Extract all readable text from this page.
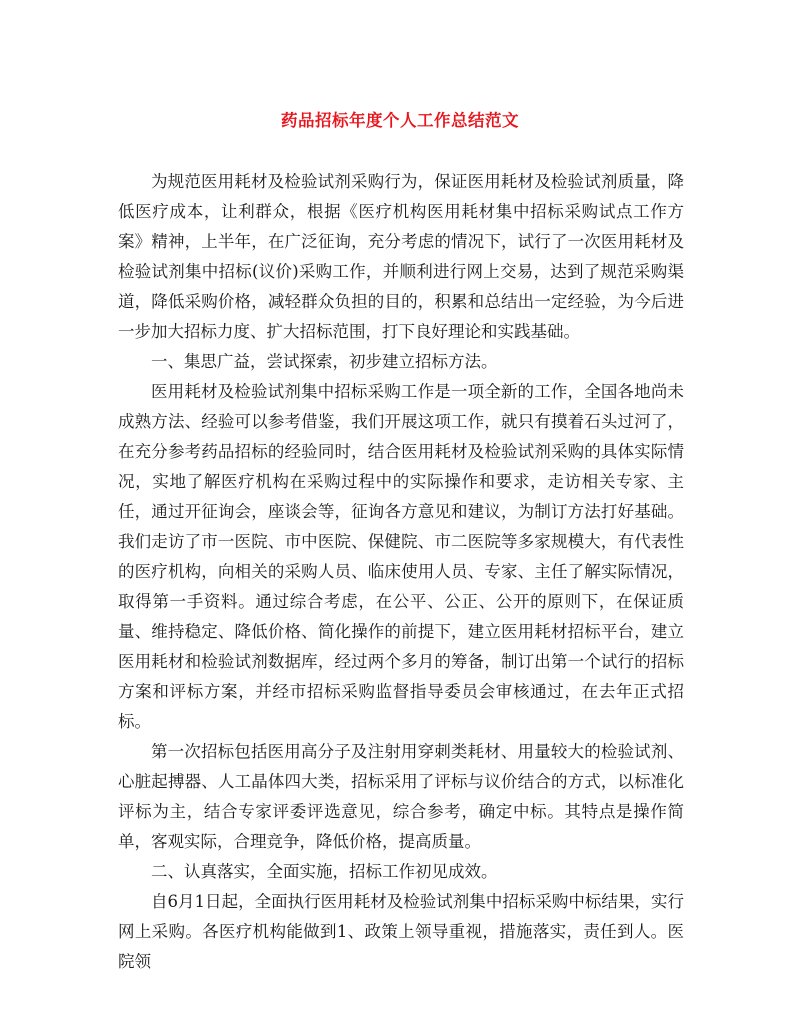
药品招标年度个人工作总结范文

为规范医用耗材及检验试剂采购行为，保证医用耗材及检验试剂质量，降低医疗成本，让利群众，根据《医疗机构医用耗材集中招标采购试点工作方案》精神，上半年，在广泛征询，充分考虑的情况下，试行了一次医用耗材及检验试剂集中招标(议价)采购工作，并顺利进行网上交易，达到了规范采购渠道，降低采购价格，减轻群众负担的目的，积累和总结出一定经验，为今后进一步加大招标力度、扩大招标范围，打下良好理论和实践基础。

一、集思广益，尝试探索，初步建立招标方法。

医用耗材及检验试剂集中招标采购工作是一项全新的工作，全国各地尚未成熟方法、经验可以参考借鉴，我们开展这项工作，就只有摸着石头过河了，在充分参考药品招标的经验同时，结合医用耗材及检验试剂采购的具体实际情况，实地了解医疗机构在采购过程中的实际操作和要求，走访相关专家、主任，通过开征询会，座谈会等，征询各方意见和建议，为制订方法打好基础。我们走访了市一医院、市中医院、保健院、市二医院等多家规模大，有代表性的医疗机构，向相关的采购人员、临床使用人员、专家、主任了解实际情况，取得第一手资料。通过综合考虑，在公平、公正、公开的原则下，在保证质量、维持稳定、降低价格、简化操作的前提下，建立医用耗材招标平台，建立医用耗材和检验试剂数据库，经过两个多月的筹备，制订出第一个试行的招标方案和评标方案，并经市招标采购监督指导委员会审核通过，在去年正式招标。

第一次招标包括医用高分子及注射用穿刺类耗材、用量较大的检验试剂、心脏起搏器、人工晶体四大类，招标采用了评标与议价结合的方式，以标准化评标为主，结合专家评委评选意见，综合参考，确定中标。其特点是操作简单，客观实际，合理竞争，降低价格，提高质量。

二、认真落实，全面实施，招标工作初见成效。

自6月1日起，全面执行医用耗材及检验试剂集中招标采购中标结果，实行网上采购。各医疗机构能做到1、政策上领导重视，措施落实，责任到人。医院领
